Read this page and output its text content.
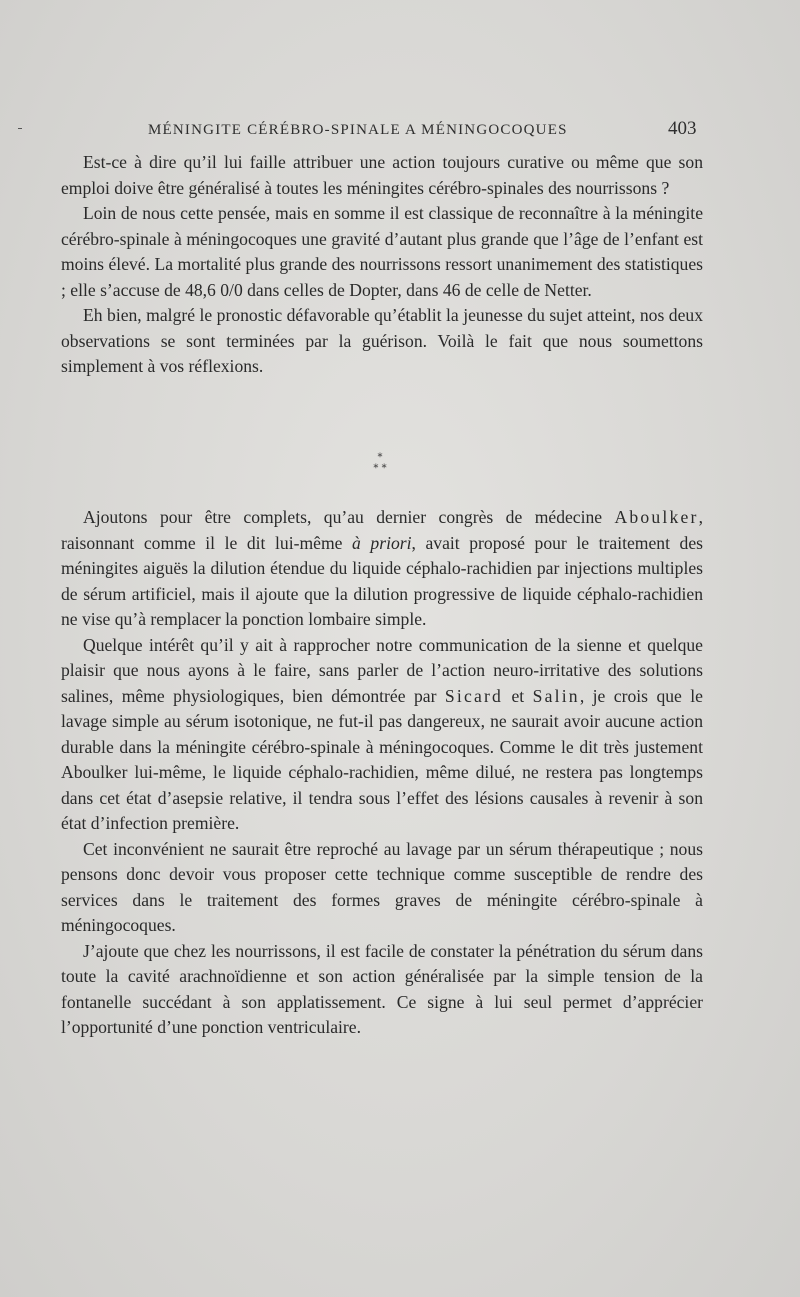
MÉNINGITE CÉRÉBRO-SPINALE A MÉNINGOCOQUES	403

Est-ce à dire qu’il lui faille attribuer une action toujours curative ou même que son emploi doive être généralisé à toutes les méningites cérébro-spinales des nourrissons ?

Loin de nous cette pensée, mais en somme il est classique de reconnaître à la méningite cérébro-spinale à méningocoques une gravité d’autant plus grande que l’âge de l’enfant est moins élevé. La mortalité plus grande des nourrissons ressort unanimement des statistiques ; elle s’accuse de 48,6 0/0 dans celles de Dopter, dans 46 de celle de Netter.

Eh bien, malgré le pronostic défavorable qu’établit la jeunesse du sujet atteint, nos deux observations se sont terminées par la guérison. Voilà le fait que nous soumettons simplement à vos réflexions.

*
* *

Ajoutons pour être complets, qu’au dernier congrès de médecine Aboulker, raisonnant comme il le dit lui-même à priori, avait proposé pour le traitement des méningites aiguës la dilution étendue du liquide céphalo-rachidien par injections multiples de sérum artificiel, mais il ajoute que la dilution progressive de liquide céphalo-rachidien ne vise qu’à remplacer la ponction lombaire simple.

Quelque intérêt qu’il y ait à rapprocher notre communication de la sienne et quelque plaisir que nous ayons à le faire, sans parler de l’action neuro-irritative des solutions salines, même physiologiques, bien démontrée par Sicard et Salin, je crois que le lavage simple au sérum isotonique, ne fut-il pas dangereux, ne saurait avoir aucune action durable dans la méningite cérébro-spinale à méningocoques. Comme le dit très justement Aboulker lui-même, le liquide céphalo-rachidien, même dilué, ne restera pas longtemps dans cet état d’asepsie relative, il tendra sous l’effet des lésions causales à revenir à son état d’infection première.

Cet inconvénient ne saurait être reproché au lavage par un sérum thérapeutique ; nous pensons donc devoir vous proposer cette technique comme susceptible de rendre des services dans le traitement des formes graves de méningite cérébro-spinale à méningocoques.

J’ajoute que chez les nourrissons, il est facile de constater la pénétration du sérum dans toute la cavité arachnoïdienne et son action généralisée par la simple tension de la fontanelle succédant à son applatissement. Ce signe à lui seul permet d’apprécier l’opportunité d’une ponction ventriculaire.
